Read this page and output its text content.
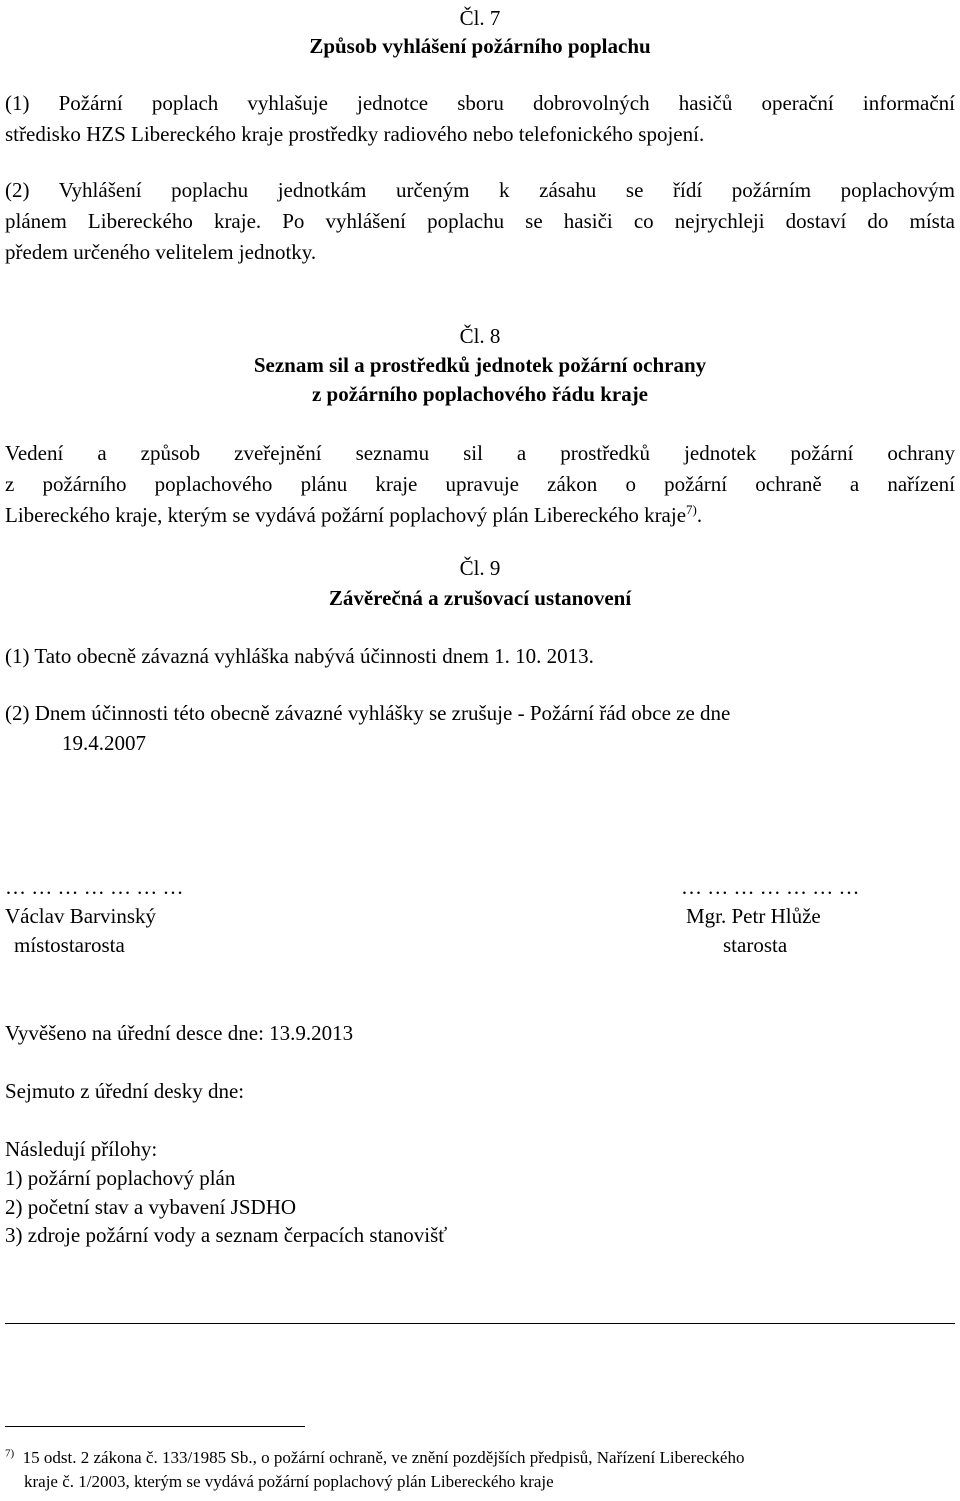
Čl. 7
Způsob vyhlášení požárního poplachu
(1) Požární poplach vyhlašuje jednotce sboru dobrovolných hasičů operační informační
středisko HZS Libereckého kraje prostředky radiového nebo telefonického spojení.
(2) Vyhlášení poplachu jednotkám určeným k zásahu se řídí požárním poplachovým
plánem Libereckého kraje. Po vyhlášení poplachu se hasiči co nejrychleji dostaví do místa
předem určeného velitelem jednotky.
Čl. 8
Seznam sil a prostředků jednotek požární ochrany
z požárního poplachového řádu kraje
Vedení a způsob zveřejnění seznamu sil a prostředků jednotek požární ochrany
z požárního poplachového plánu kraje upravuje zákon o požární ochraně a nařízení
Libereckého kraje, kterým se vydává požární poplachový plán Libereckého kraje$^{7)}$.
Čl. 9
Závěrečná a zrušovací ustanovení
(1) Tato obecně závazná vyhláška nabývá účinnosti dnem 1. 10. 2013.
(2) Dnem účinnosti této obecně závazné vyhlášky se zrušuje - Požární řád obce ze dne
19.4.2007
… … … … … … …
Václav Barvinský
místostarosta
… … … … … … …
Mgr. Petr Hlůže
starosta
Vyvěšeno na úřední desce dne: 13.9.2013
Sejmuto z úřední desky dne:
Následují přílohy:
1) požární poplachový plán
2) početní stav a vybavení JSDHO
3) zdroje požární vody a seznam čerpacích stanovišť
$^{7)}$ 15 odst. 2 zákona č. 133/1985 Sb., o požární ochraně, ve znění pozdějších předpisů, Nařízení Libereckého
kraje č. 1/2003, kterým se vydává požární poplachový plán Libereckého kraje
